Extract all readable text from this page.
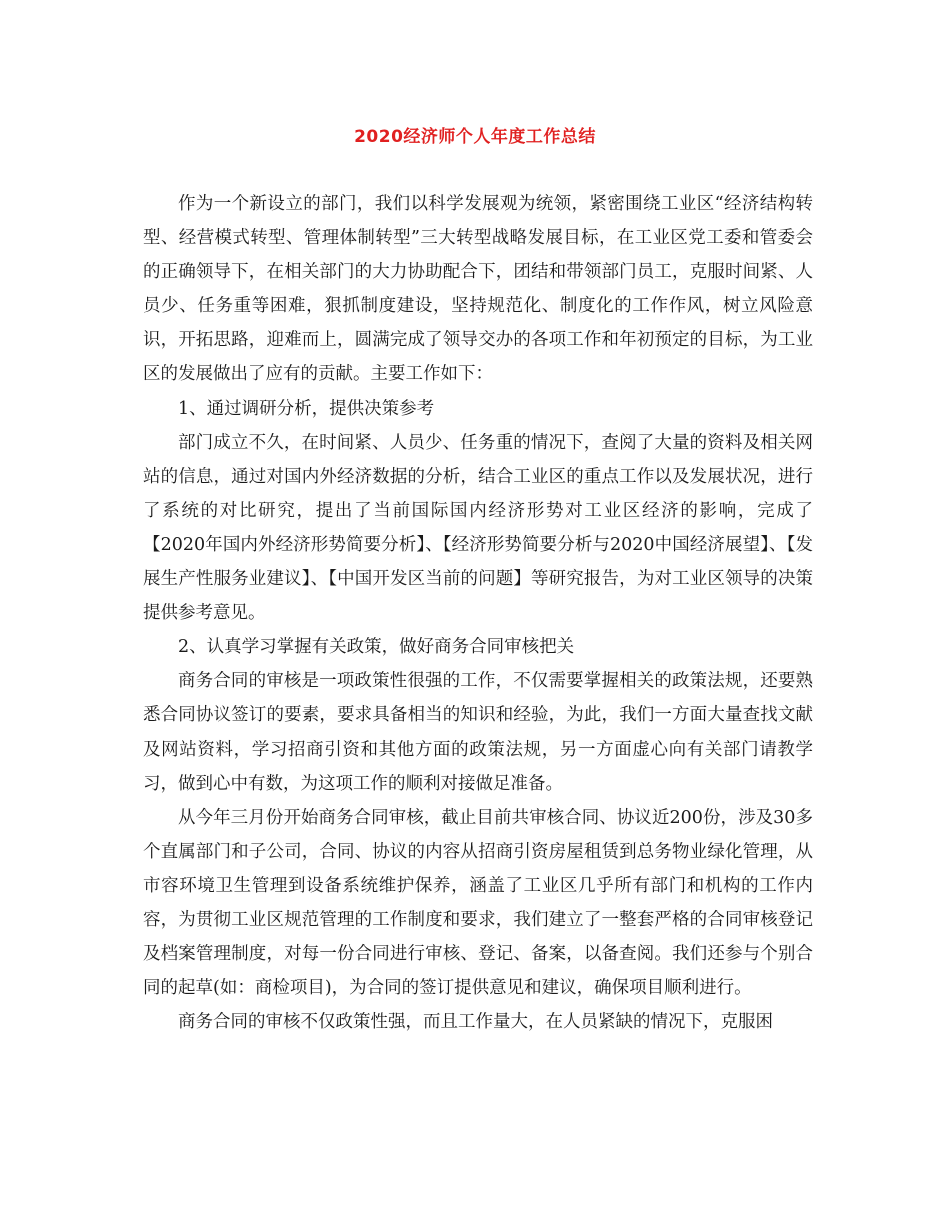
2020经济师个人年度工作总结

作为一个新设立的部门，我们以科学发展观为统领，紧密围绕工业区“经济结构转型、经营模式转型、管理体制转型”三大转型战略发展目标，在工业区党工委和管委会的正确领导下，在相关部门的大力协助配合下，团结和带领部门员工，克服时间紧、人员少、任务重等困难，狠抓制度建设，坚持规范化、制度化的工作作风，树立风险意识，开拓思路，迎难而上，圆满完成了领导交办的各项工作和年初预定的目标，为工业区的发展做出了应有的贡献。主要工作如下：

1、通过调研分析，提供决策参考

部门成立不久，在时间紧、人员少、任务重的情况下，查阅了大量的资料及相关网站的信息，通过对国内外经济数据的分析，结合工业区的重点工作以及发展状况，进行了系统的对比研究，提出了当前国际国内经济形势对工业区经济的影响，完成了【2020年国内外经济形势简要分析】、【经济形势简要分析与2020中国经济展望】、【发展生产性服务业建议】、【中国开发区当前的问题】等研究报告，为对工业区领导的决策提供参考意见。

2、认真学习掌握有关政策，做好商务合同审核把关

商务合同的审核是一项政策性很强的工作，不仅需要掌握相关的政策法规，还要熟悉合同协议签订的要素，要求具备相当的知识和经验，为此，我们一方面大量查找文献及网站资料，学习招商引资和其他方面的政策法规，另一方面虚心向有关部门请教学习，做到心中有数，为这项工作的顺利对接做足准备。

从今年三月份开始商务合同审核，截止目前共审核合同、协议近200份，涉及30多个直属部门和子公司，合同、协议的内容从招商引资房屋租赁到总务物业绿化管理，从市容环境卫生管理到设备系统维护保养，涵盖了工业区几乎所有部门和机构的工作内容，为贯彻工业区规范管理的工作制度和要求，我们建立了一整套严格的合同审核登记及档案管理制度，对每一份合同进行审核、登记、备案，以备查阅。我们还参与个别合同的起草(如：商检项目)，为合同的签订提供意见和建议，确保项目顺利进行。

商务合同的审核不仅政策性强，而且工作量大，在人员紧缺的情况下，克服困
